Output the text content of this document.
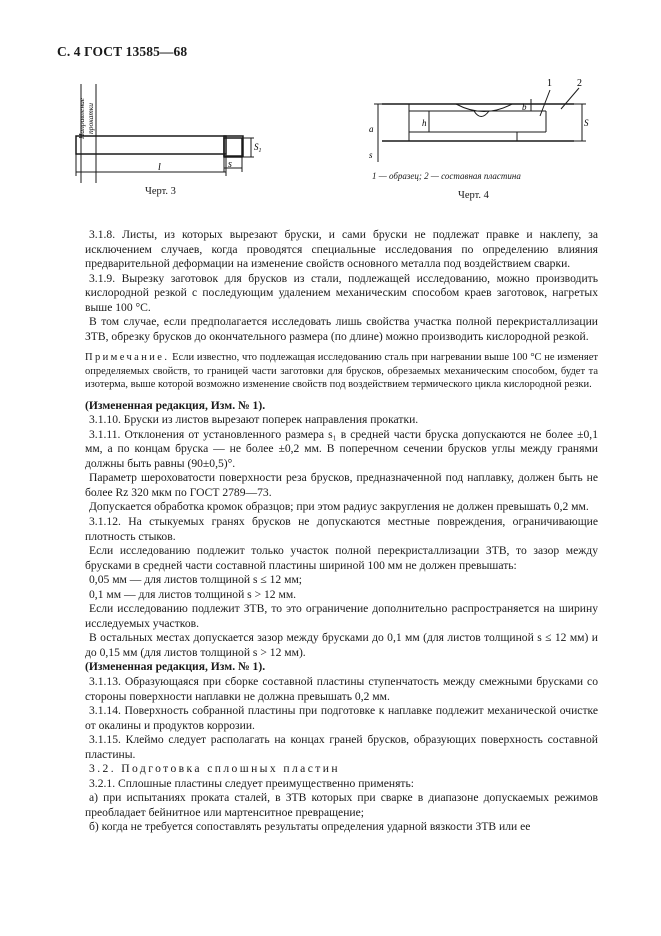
С. 4 ГОСТ 13585—68
l
Направление прокатки
s
$S_1$
Черт. 3
a
s
h
b
1	2
S
1 — образец; 2 — составная пластина
Черт. 4

3.1.8. Листы, из которых вырезают бруски, и сами бруски не подлежат правке и наклепу, за исключением случаев, когда проводятся специальные исследования по определению влияния предварительной деформации на изменение свойств основного металла под воздействием сварки.

3.1.9. Вырезку заготовок для брусков из стали, подлежащей исследованию, можно производить кислородной резкой с последующим удалением механическим способом краев заготовок, нагретых выше 100 °С.

В том случае, если предполагается исследовать лишь свойства участка полной перекристаллизации ЗТВ, обрезку брусков до окончательного размера (по длине) можно производить кислородной резкой.

Примечание. Если известно, что подлежащая исследованию сталь при нагревании выше 100 °С не изменяет определяемых свойств, то границей части заготовки для брусков, обрезаемых механическим способом, будет та изотерма, выше которой возможно изменение свойств под воздействием термического цикла кислородной резки.

(Измененная редакция, Изм. № 1).

3.1.10. Бруски из листов вырезают поперек направления прокатки.

3.1.11. Отклонения от установленного размера s₁ в средней части бруска допускаются не более ±0,1 мм, а по концам бруска — не более ±0,2 мм. В поперечном сечении брусков углы между гранями должны быть равны (90±0,5)°.

Параметр шероховатости поверхности реза брусков, предназначенной под наплавку, должен быть не более Rz 320 мкм по ГОСТ 2789—73.

Допускается обработка кромок образцов; при этом радиус закругления не должен превышать 0,2 мм.

3.1.12. На стыкуемых гранях брусков не допускаются местные повреждения, ограничивающие плотность стыков.

Если исследованию подлежит только участок полной перекристаллизации ЗТВ, то зазор между брусками в средней части составной пластины шириной 100 мм не должен превышать:

0,05 мм — для листов толщиной s ≤ 12 мм;

0,1 мм — для листов толщиной s > 12 мм.

Если исследованию подлежит ЗТВ, то это ограничение дополнительно распространяется на ширину исследуемых участков.

В остальных местах допускается зазор между брусками до 0,1 мм (для листов толщиной s ≤ 12 мм) и до 0,15 мм (для листов толщиной s > 12 мм).

(Измененная редакция, Изм. № 1).

3.1.13. Образующаяся при сборке составной пластины ступенчатость между смежными брусками со стороны поверхности наплавки не должна превышать 0,2 мм.

3.1.14. Поверхность собранной пластины при подготовке к наплавке подлежит механической очистке от окалины и продуктов коррозии.

3.1.15. Клеймо следует располагать на концах граней брусков, образующих поверхность составной пластины.

3.2. Подготовка сплошных пластин

3.2.1. Сплошные пластины следует преимущественно применять:

а) при испытаниях проката сталей, в ЗТВ которых при сварке в диапазоне допускаемых режимов преобладает бейнитное или мартенситное превращение;

б) когда не требуется сопоставлять результаты определения ударной вязкости ЗТВ или ее
